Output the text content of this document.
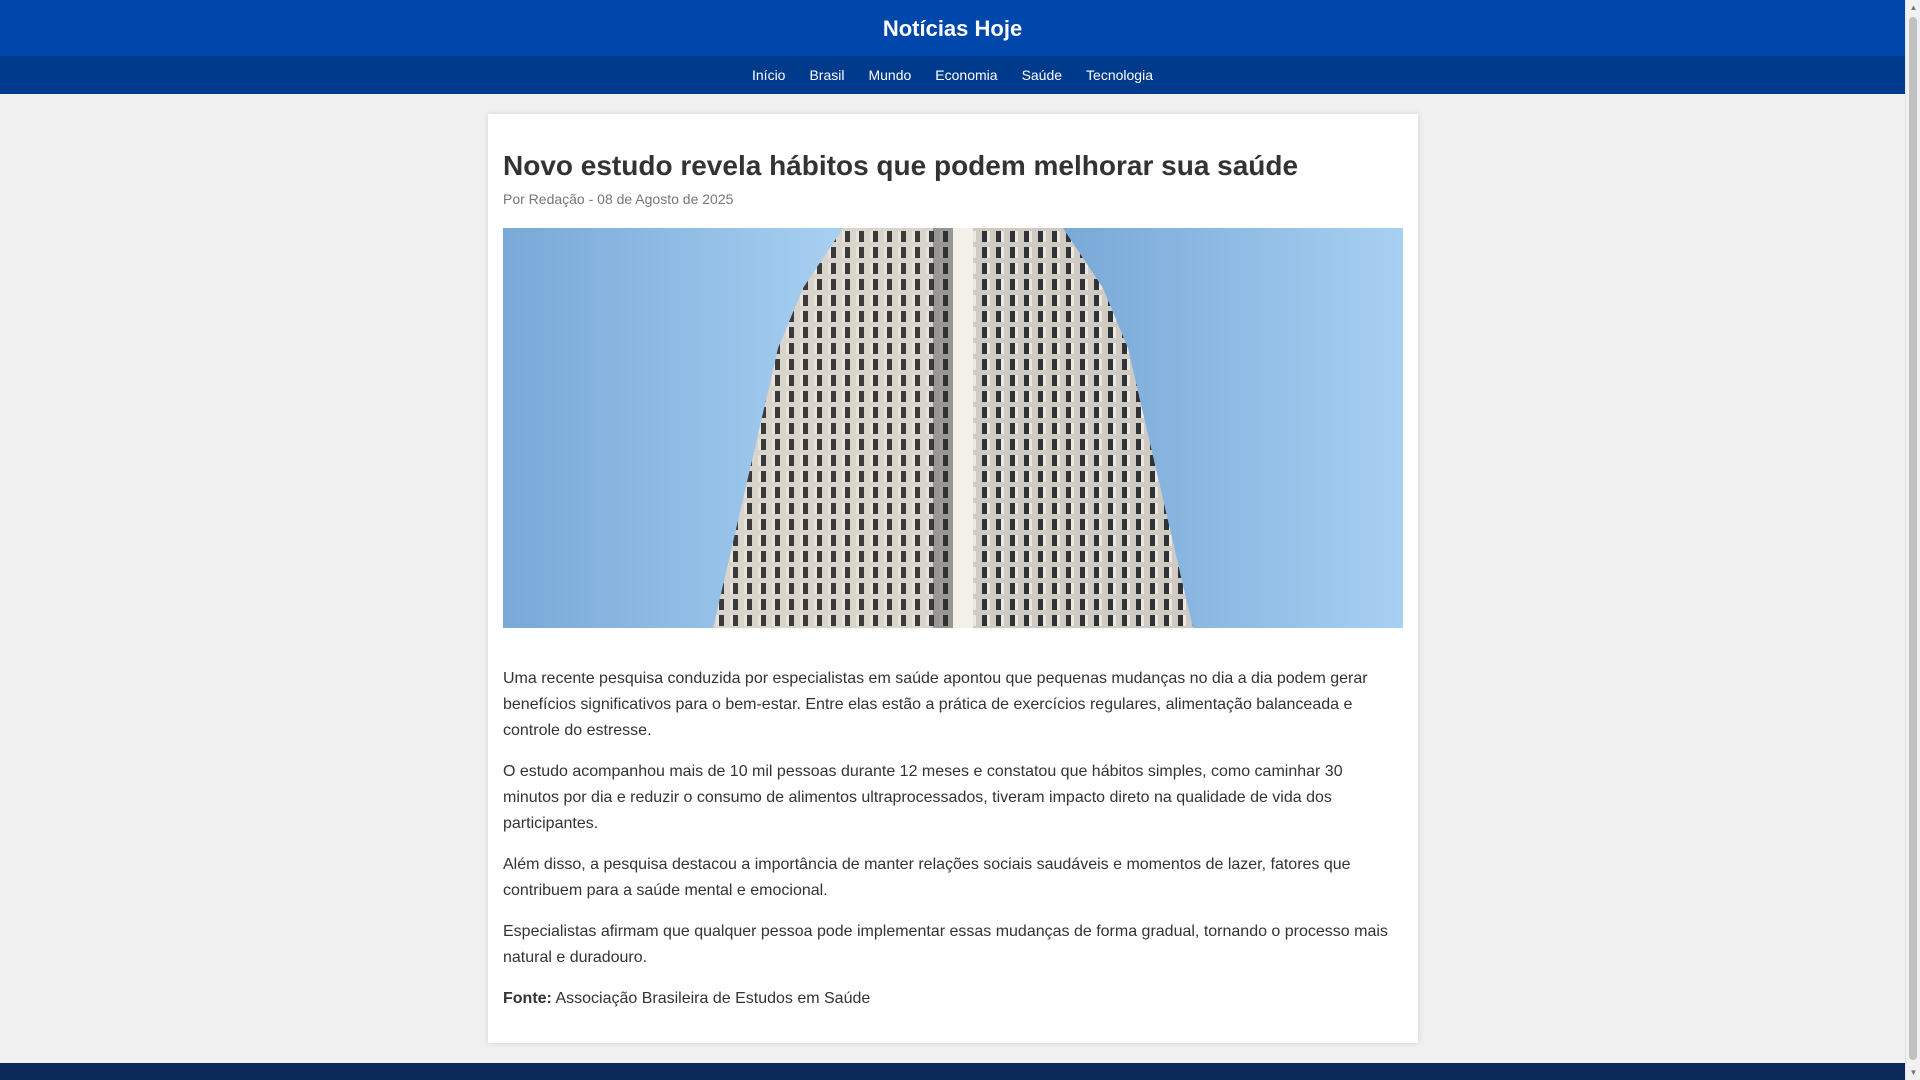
Notícias Hoje
Início	Brasil	Mundo	Economia	Saúde	Tecnologia
Novo estudo revela hábitos que podem melhorar sua saúde

Por Redação - 08 de Agosto de 2025

Uma recente pesquisa conduzida por especialistas em saúde apontou que pequenas mudanças no dia a dia podem gerar benefícios significativos para o bem-estar. Entre elas estão a prática de exercícios regulares, alimentação balanceada e controle do estresse.

O estudo acompanhou mais de 10 mil pessoas durante 12 meses e constatou que hábitos simples, como caminhar 30 minutos por dia e reduzir o consumo de alimentos ultraprocessados, tiveram impacto direto na qualidade de vida dos participantes.

Além disso, a pesquisa destacou a importância de manter relações sociais saudáveis e momentos de lazer, fatores que contribuem para a saúde mental e emocional.

Especialistas afirmam que qualquer pessoa pode implementar essas mudanças de forma gradual, tornando o processo mais natural e duradouro.

Fonte: Associação Brasileira de Estudos em Saúde

▲
▼
